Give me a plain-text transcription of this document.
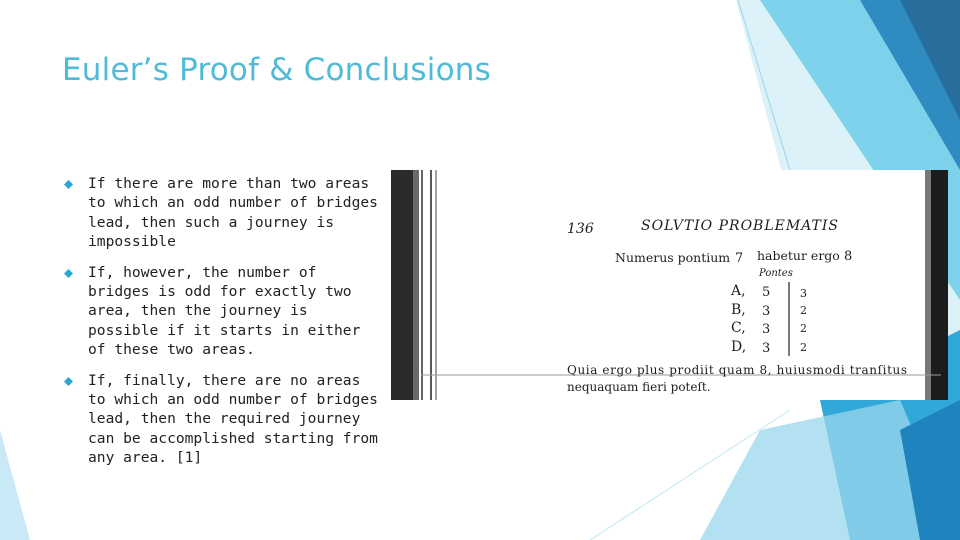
Euler’s Proof & Conclusions
If there are more than two areas to which an odd number of bridges lead, then such a journey is impossible
If, however, the number of bridges is odd for exactly two area, then the journey is possible if it starts in either of these two areas.
If, finally, there are no areas to which an odd number of bridges lead, then the required journey can be accomplished starting from any area. [1]
136	SOLVTIO PROBLEMATIS
Numerus pontium 7 habetur ergo 8
Pontes
A, 5	3
B, 3	2
C, 3	2
D, 3	2
Quia ergo plus prodiit quam 8, huiusmodi tranſitus
nequaquam fieri poteſt.
